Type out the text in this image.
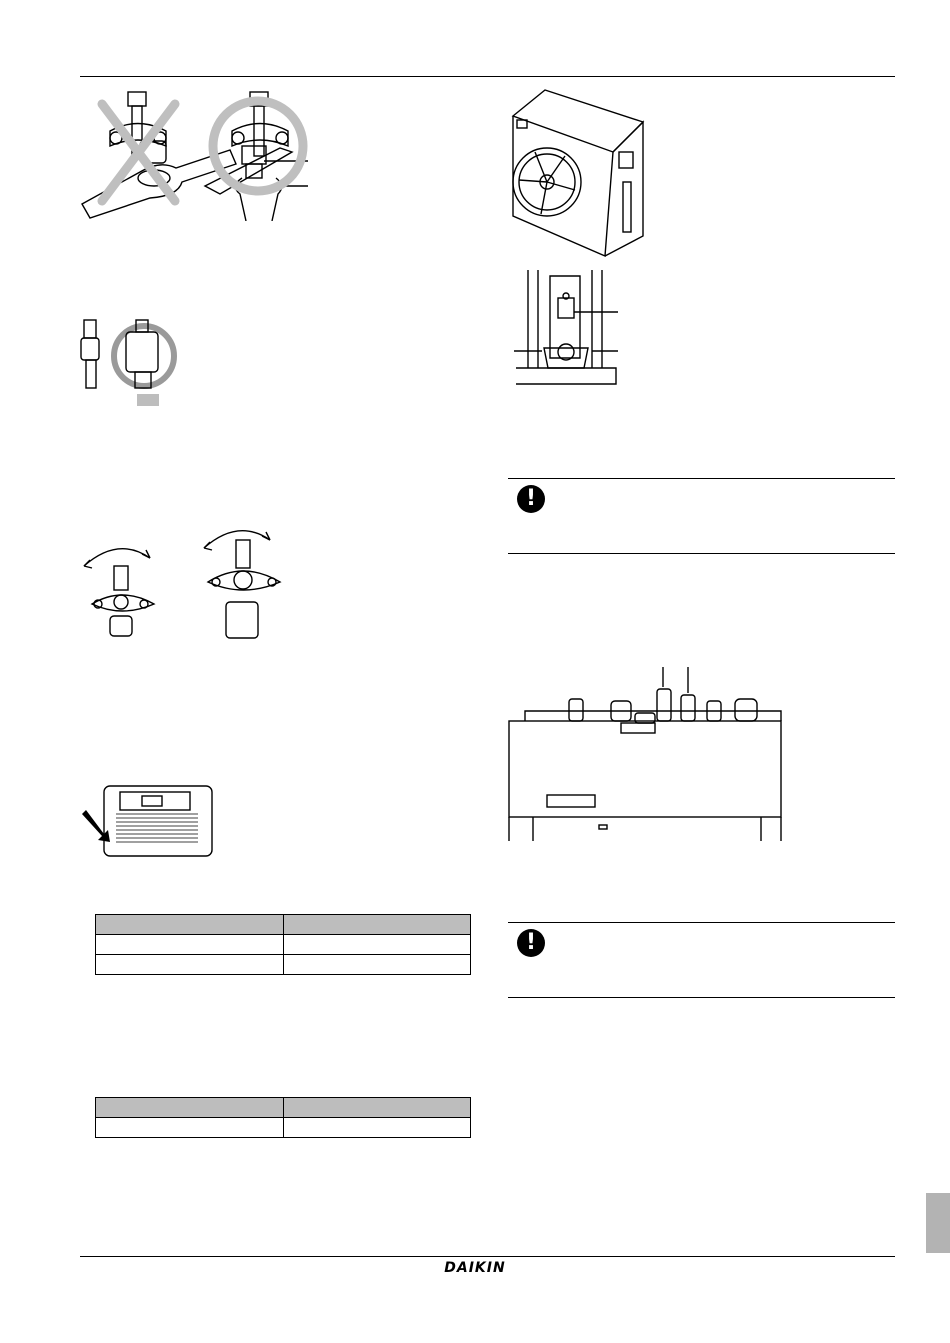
!
!
DAIKIN
